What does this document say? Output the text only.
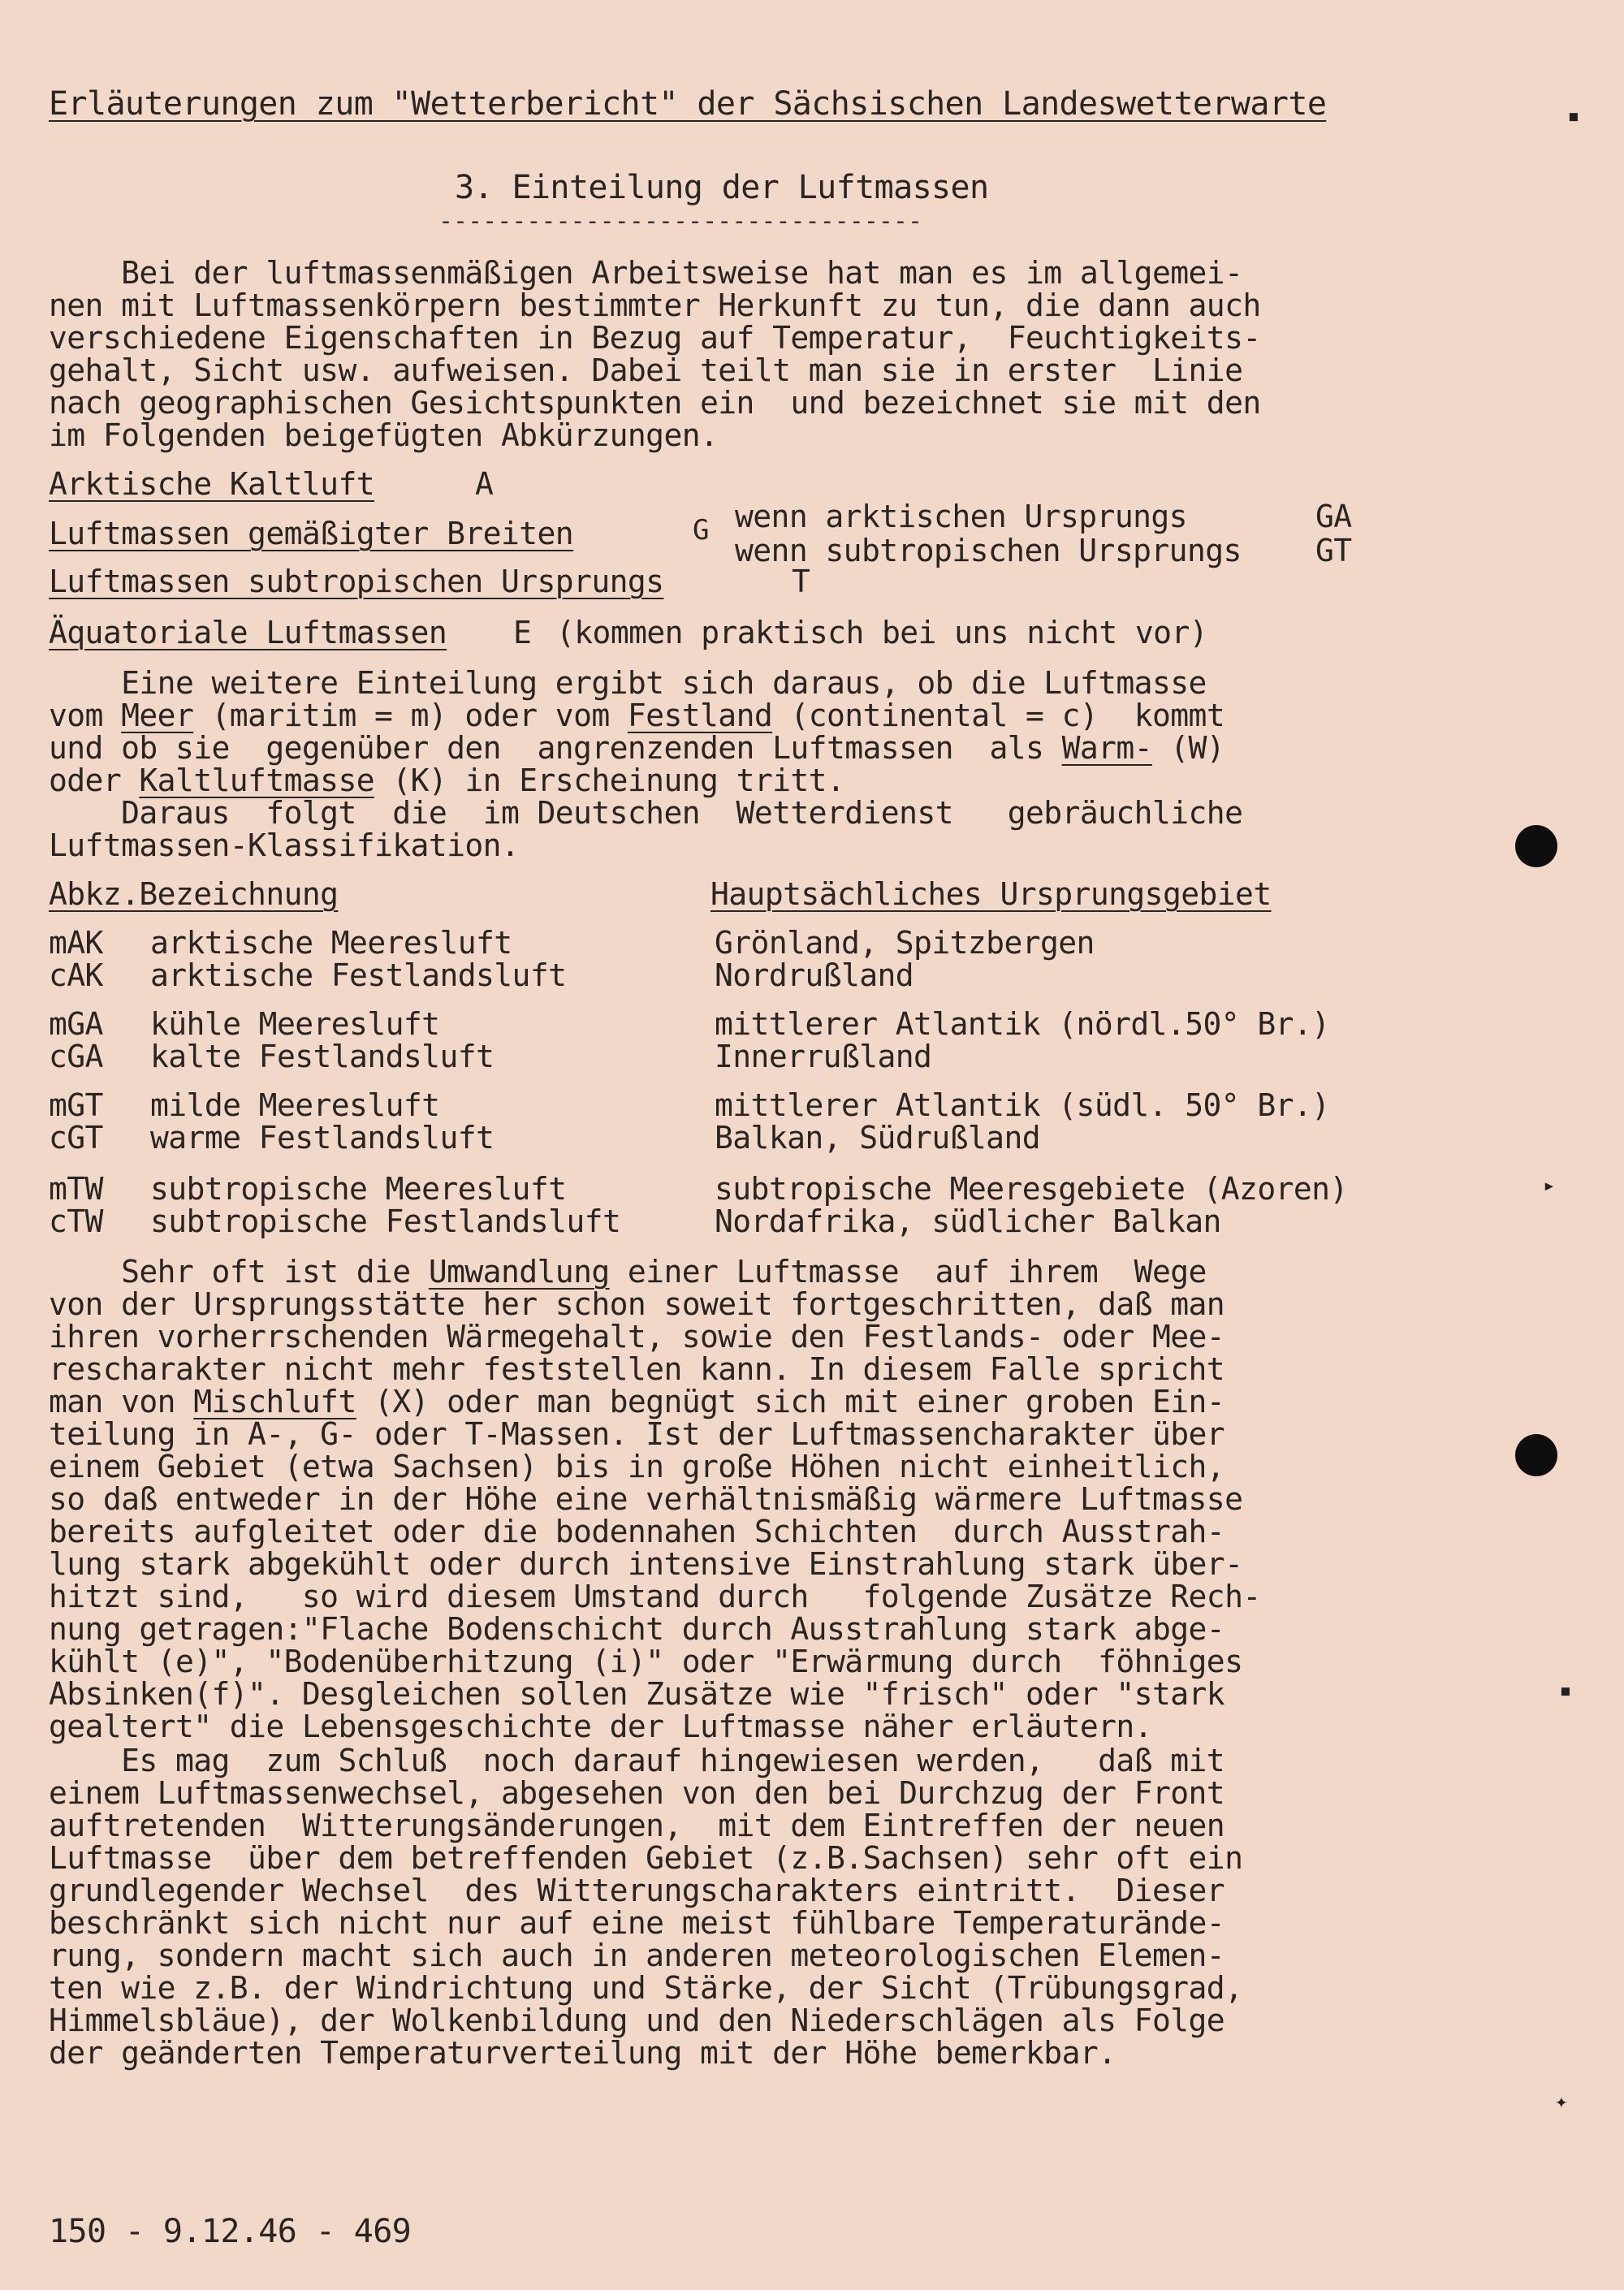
Erläuterungen zum "Wetterbericht" der Sächsischen Landeswetterwarte
3. Einteilung der Luftmassen
---------------------------------
Bei der luftmassenmäßigen Arbeitsweise hat man es im allgemei-
nen mit Luftmassenkörpern bestimmter Herkunft zu tun, die dann auch
verschiedene Eigenschaften in Bezug auf Temperatur,  Feuchtigkeits-
gehalt, Sicht usw. aufweisen. Dabei teilt man sie in erster  Linie
nach geographischen Gesichtspunkten ein  und bezeichnet sie mit den
im Folgenden beigefügten Abkürzungen.
Arktische Kaltluft	A
Luftmassen gemäßigter Breiten	G wenn arktischen Ursprungs	GA
wenn subtropischen Ursprungs GT
Luftmassen subtropischen Ursprungs	T
Äquatoriale Luftmassen E (kommen praktisch bei uns nicht vor)
Eine weitere Einteilung ergibt sich daraus, ob die Luftmasse
vom Meer (maritim = m) oder vom Festland (continental = c)  kommt
und ob sie  gegenüber den  angrenzenden Luftmassen  als Warm- (W)
oder Kaltluftmasse (K) in Erscheinung tritt.
Daraus  folgt  die  im Deutschen  Wetterdienst   gebräuchliche
Luftmassen-Klassifikation.
Abkz.Bezeichnung	Hauptsächliches Ursprungsgebiet
mAK arktische Meeresluft	Grönland, Spitzbergen
cAK arktische Festlandsluft	Nordrußland
mGA kühle Meeresluft	mittlerer Atlantik (nördl.50° Br.)
cGA kalte Festlandsluft	Innerrußland
mGT milde Meeresluft	mittlerer Atlantik (südl. 50° Br.)
cGT warme Festlandsluft	Balkan, Südrußland
mTW subtropische Meeresluft	subtropische Meeresgebiete (Azoren)
cTW subtropische Festlandsluft	Nordafrika, südlicher Balkan
Sehr oft ist die Umwandlung einer Luftmasse  auf ihrem  Wege
von der Ursprungsstätte her schon soweit fortgeschritten, daß man
ihren vorherrschenden Wärmegehalt, sowie den Festlands- oder Mee-
rescharakter nicht mehr feststellen kann. In diesem Falle spricht
man von Mischluft (X) oder man begnügt sich mit einer groben Ein-
teilung in A-, G- oder T-Massen. Ist der Luftmassencharakter über
einem Gebiet (etwa Sachsen) bis in große Höhen nicht einheitlich,
so daß entweder in der Höhe eine verhältnismäßig wärmere Luftmasse
bereits aufgleitet oder die bodennahen Schichten  durch Ausstrah-
lung stark abgekühlt oder durch intensive Einstrahlung stark über-
hitzt sind,   so wird diesem Umstand durch   folgende Zusätze Rech-
nung getragen:"Flache Bodenschicht durch Ausstrahlung stark abge-
kühlt (e)", "Bodenüberhitzung (i)" oder "Erwärmung durch  föhniges
Absinken(f)". Desgleichen sollen Zusätze wie "frisch" oder "stark
gealtert" die Lebensgeschichte der Luftmasse näher erläutern.
Es mag  zum Schluß  noch darauf hingewiesen werden,   daß mit
einem Luftmassenwechsel, abgesehen von den bei Durchzug der Front
auftretenden  Witterungsänderungen,  mit dem Eintreffen der neuen
Luftmasse  über dem betreffenden Gebiet (z.B.Sachsen) sehr oft ein
grundlegender Wechsel  des Witterungscharakters eintritt.  Dieser
beschränkt sich nicht nur auf eine meist fühlbare Temperaturände-
rung, sondern macht sich auch in anderen meteorologischen Elemen-
ten wie z.B. der Windrichtung und Stärke, der Sicht (Trübungsgrad,
Himmelsbläue), der Wolkenbildung und den Niederschlägen als Folge
der geänderten Temperaturverteilung mit der Höhe bemerkbar.
150 - 9.12.46 - 469
▪
▸
▪
✦
